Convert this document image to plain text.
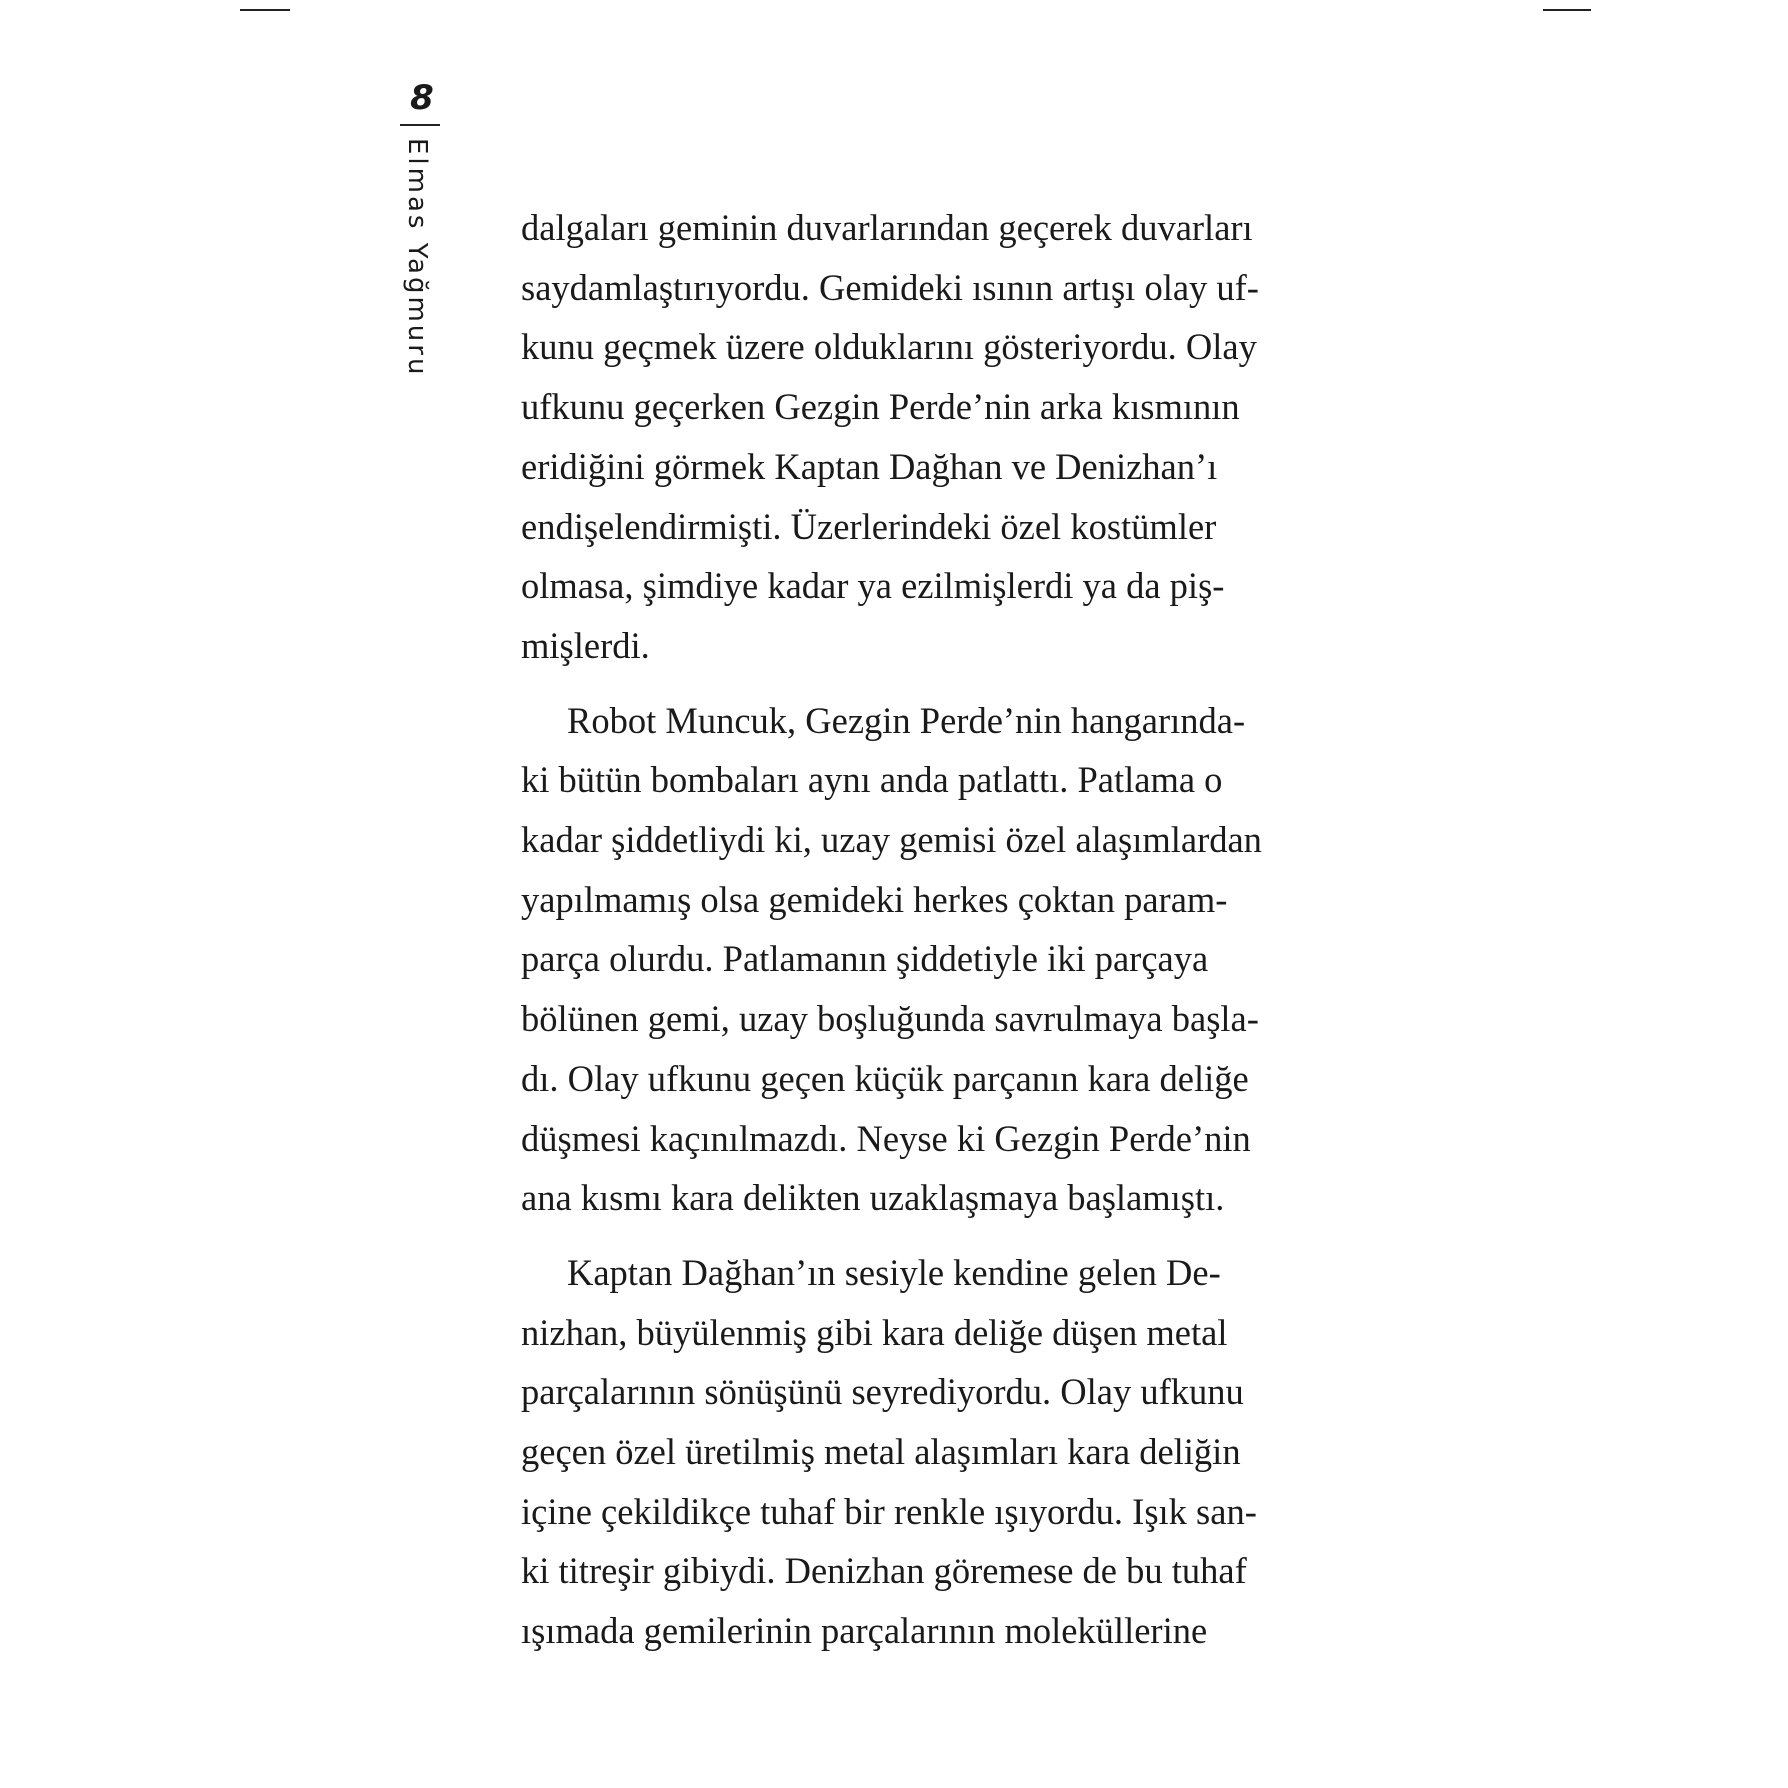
8
Elmas Yağmuru dalgaları geminin duvarlarından geçerek duvarları
saydamlaştırıyordu. Gemideki ısının artışı olay uf-
kunu geçmek üzere olduklarını gösteriyordu. Olay
ufkunu geçerken Gezgin Perde’nin arka kısmının
eridiğini görmek Kaptan Dağhan ve Denizhan’ı
endişelendirmişti. Üzerlerindeki özel kostümler
olmasa, şimdiye kadar ya ezilmişlerdi ya da piş-
mişlerdi.

Robot Muncuk, Gezgin Perde’nin hangarında-
ki bütün bombaları aynı anda patlattı. Patlama o
kadar şiddetliydi ki, uzay gemisi özel alaşımlardan
yapılmamış olsa gemideki herkes çoktan param-
parça olurdu. Patlamanın şiddetiyle iki parçaya
bölünen gemi, uzay boşluğunda savrulmaya başla-
dı. Olay ufkunu geçen küçük parçanın kara deliğe
düşmesi kaçınılmazdı. Neyse ki Gezgin Perde’nin
ana kısmı kara delikten uzaklaşmaya başlamıştı.

Kaptan Dağhan’ın sesiyle kendine gelen De-
nizhan, büyülenmiş gibi kara deliğe düşen metal
parçalarının sönüşünü seyrediyordu. Olay ufkunu
geçen özel üretilmiş metal alaşımları kara deliğin
içine çekildikçe tuhaf bir renkle ışıyordu. Işık san-
ki titreşir gibiydi. Denizhan göremese de bu tuhaf
ışımada gemilerinin parçalarının moleküllerine
